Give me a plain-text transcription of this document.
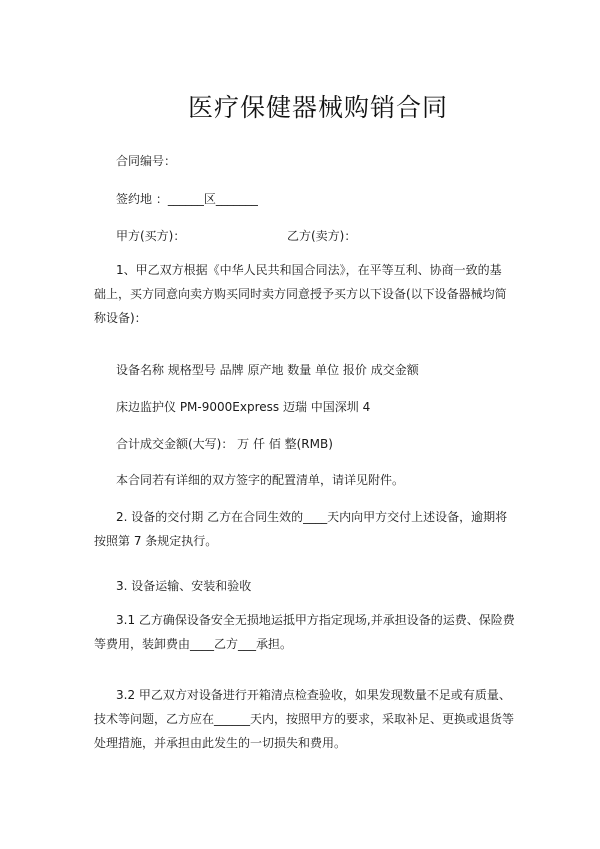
医疗保健器械购销合同
合同编号：
签约地 ：______区_______
甲方(买方)：	乙方(卖方)：
1、甲乙双方根据《中华人民共和国合同法》，在平等互利、协商一致的基
础上，买方同意向卖方购买同时卖方同意授予买方以下设备(以下设备器械均简
称设备)：
设备名称 规格型号 品牌 原产地 数量 单位 报价 成交金额
床边监护仪 PM-9000Express 迈瑞 中国深圳 4
合计成交金额(大写)： 万 仟 佰 整(RMB)
本合同若有详细的双方签字的配置清单，请详见附件。
2. 设备的交付期 乙方在合同生效的____天内向甲方交付上述设备，逾期将
按照第 7 条规定执行。
3. 设备运输、安装和验收
3.1 乙方确保设备安全无损地运抵甲方指定现场,并承担设备的运费、保险费
等费用，装卸费由____乙方___承担。
3.2 甲乙双方对设备进行开箱清点检查验收，如果发现数量不足或有质量、
技术等问题，乙方应在______天内，按照甲方的要求，采取补足、更换或退货等
处理措施，并承担由此发生的一切损失和费用。
